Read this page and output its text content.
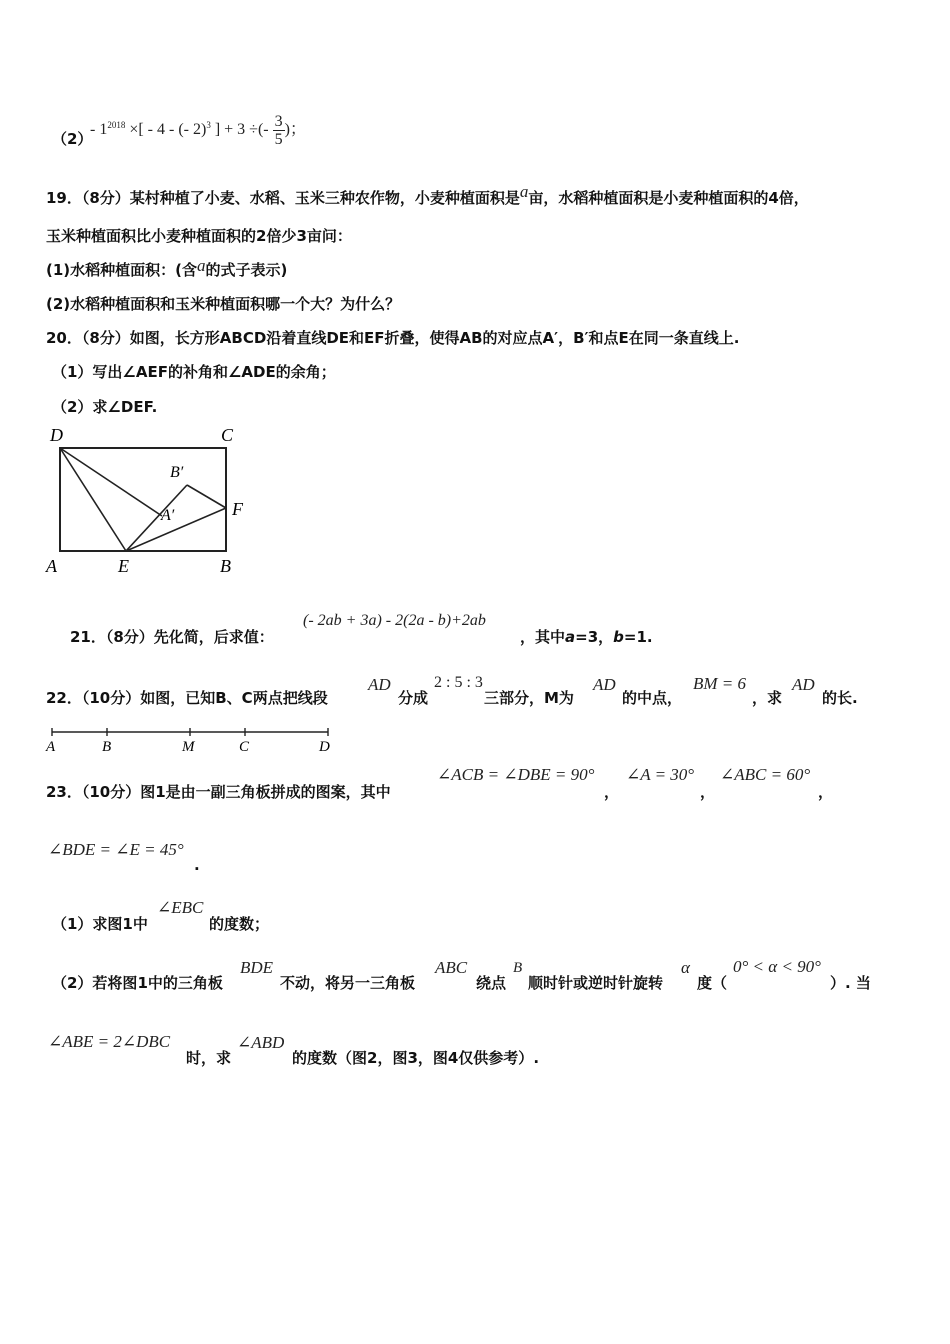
（2）
- $1^{2018}$ ×[ - 4 - (- 2)$^3$ ] + 3 ÷(- $\frac{3}{5}$ )；
19．（8分）某村种植了小麦、水稻、玉米三种农作物，小麦种植面积是a亩，水稻种植面积是小麦种植面积的4倍，
玉米种植面积比小麦种植面积的2倍少3亩问：
(1)水稻种植面积：(含a的式子表示)
(2)水稻种植面积和玉米种植面积哪一个大？为什么？
20．（8分）如图，长方形ABCD沿着直线DE和EF折叠，使得AB的对应点A′，B′和点E在同一条直线上.
（1）写出∠AEF的补角和∠ADE的余角；
（2）求∠DEF.
D	C
B′
F
A′
A	E	B
21．（8分）先化简，后求值：
(- 2ab + 3a) - 2(2a - b)+2ab
，其中a=3，b=1.
22．（10分）如图，已知B、C两点把线段
AD
分成
2 : 5 : 3
三部分，M为
AD
的中点，
BM = 6
，求
AD
的长.
A	B	M	C	D
23．（10分）图1是由一副三角板拼成的图案，其中
∠ACB = ∠DBE = 90°
，
∠A = 30°
，
∠ABC = 60°
，
∠BDE = ∠E = 45°
.
（1）求图1中
∠EBC
的度数；
（2）若将图1中的三角板
BDE
不动，将另一三角板
ABC
绕点
B
顺时针或逆时针旋转
α
度（
0° < α < 90°
）. 当
∠ABE = 2∠DBC
时，求
∠ABD
的度数（图2，图3，图4仅供参考）.
